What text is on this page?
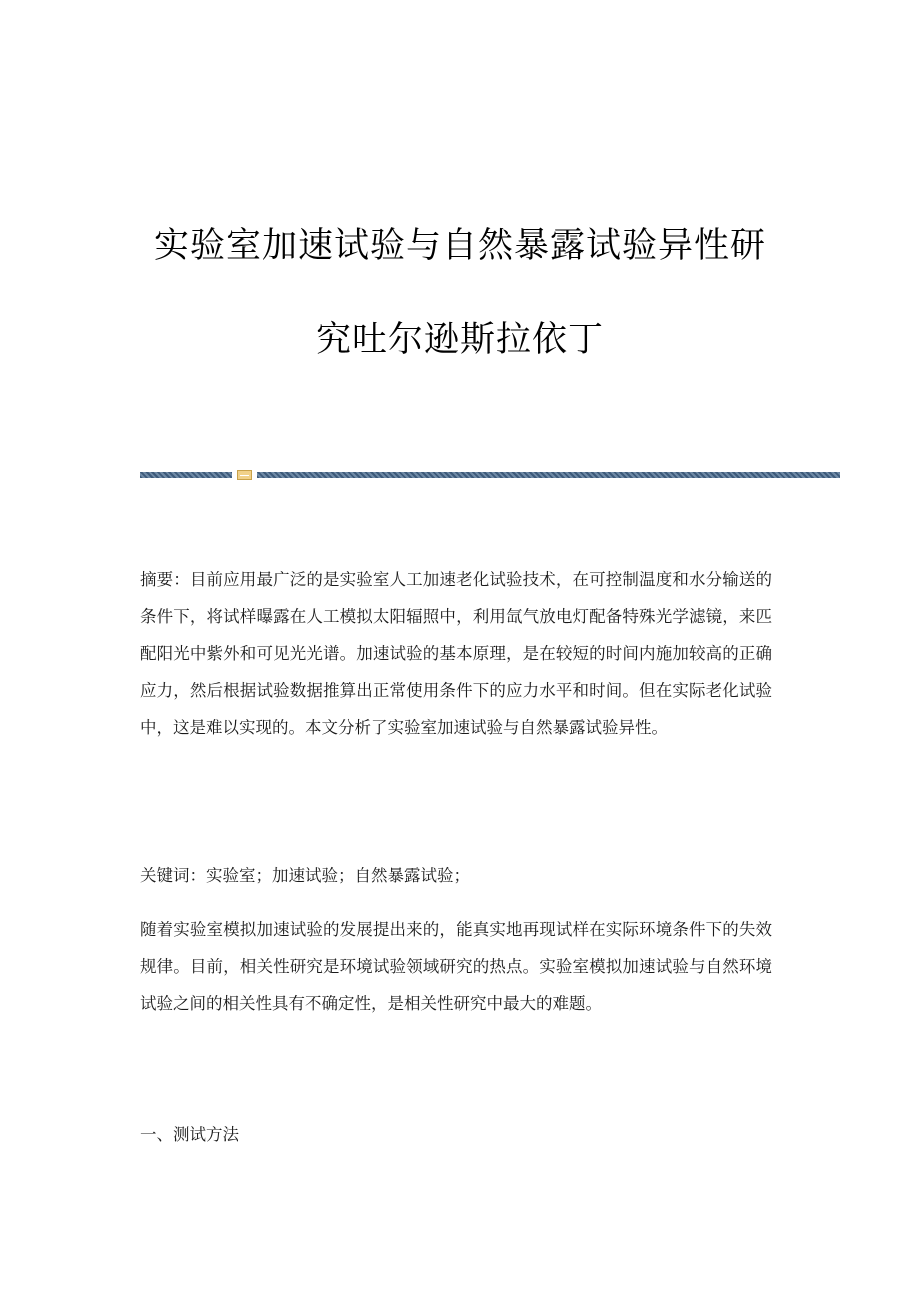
实验室加速试验与自然暴露试验异性研
究吐尔逊斯拉依丁
摘要：目前应用最广泛的是实验室人工加速老化试验技术，在可控制温度和水分输送的条件下，将试样曝露在人工模拟太阳辐照中，利用氙气放电灯配备特殊光学滤镜，来匹配阳光中紫外和可见光光谱。加速试验的基本原理，是在较短的时间内施加较高的正确应力，然后根据试验数据推算出正常使用条件下的应力水平和时间。但在实际老化试验中，这是难以实现的。本文分析了实验室加速试验与自然暴露试验异性。
关键词：实验室；加速试验；自然暴露试验；
随着实验室模拟加速试验的发展提出来的，能真实地再现试样在实际环境条件下的失效规律。目前，相关性研究是环境试验领域研究的热点。实验室模拟加速试验与自然环境试验之间的相关性具有不确定性，是相关性研究中最大的难题。
一、测试方法
